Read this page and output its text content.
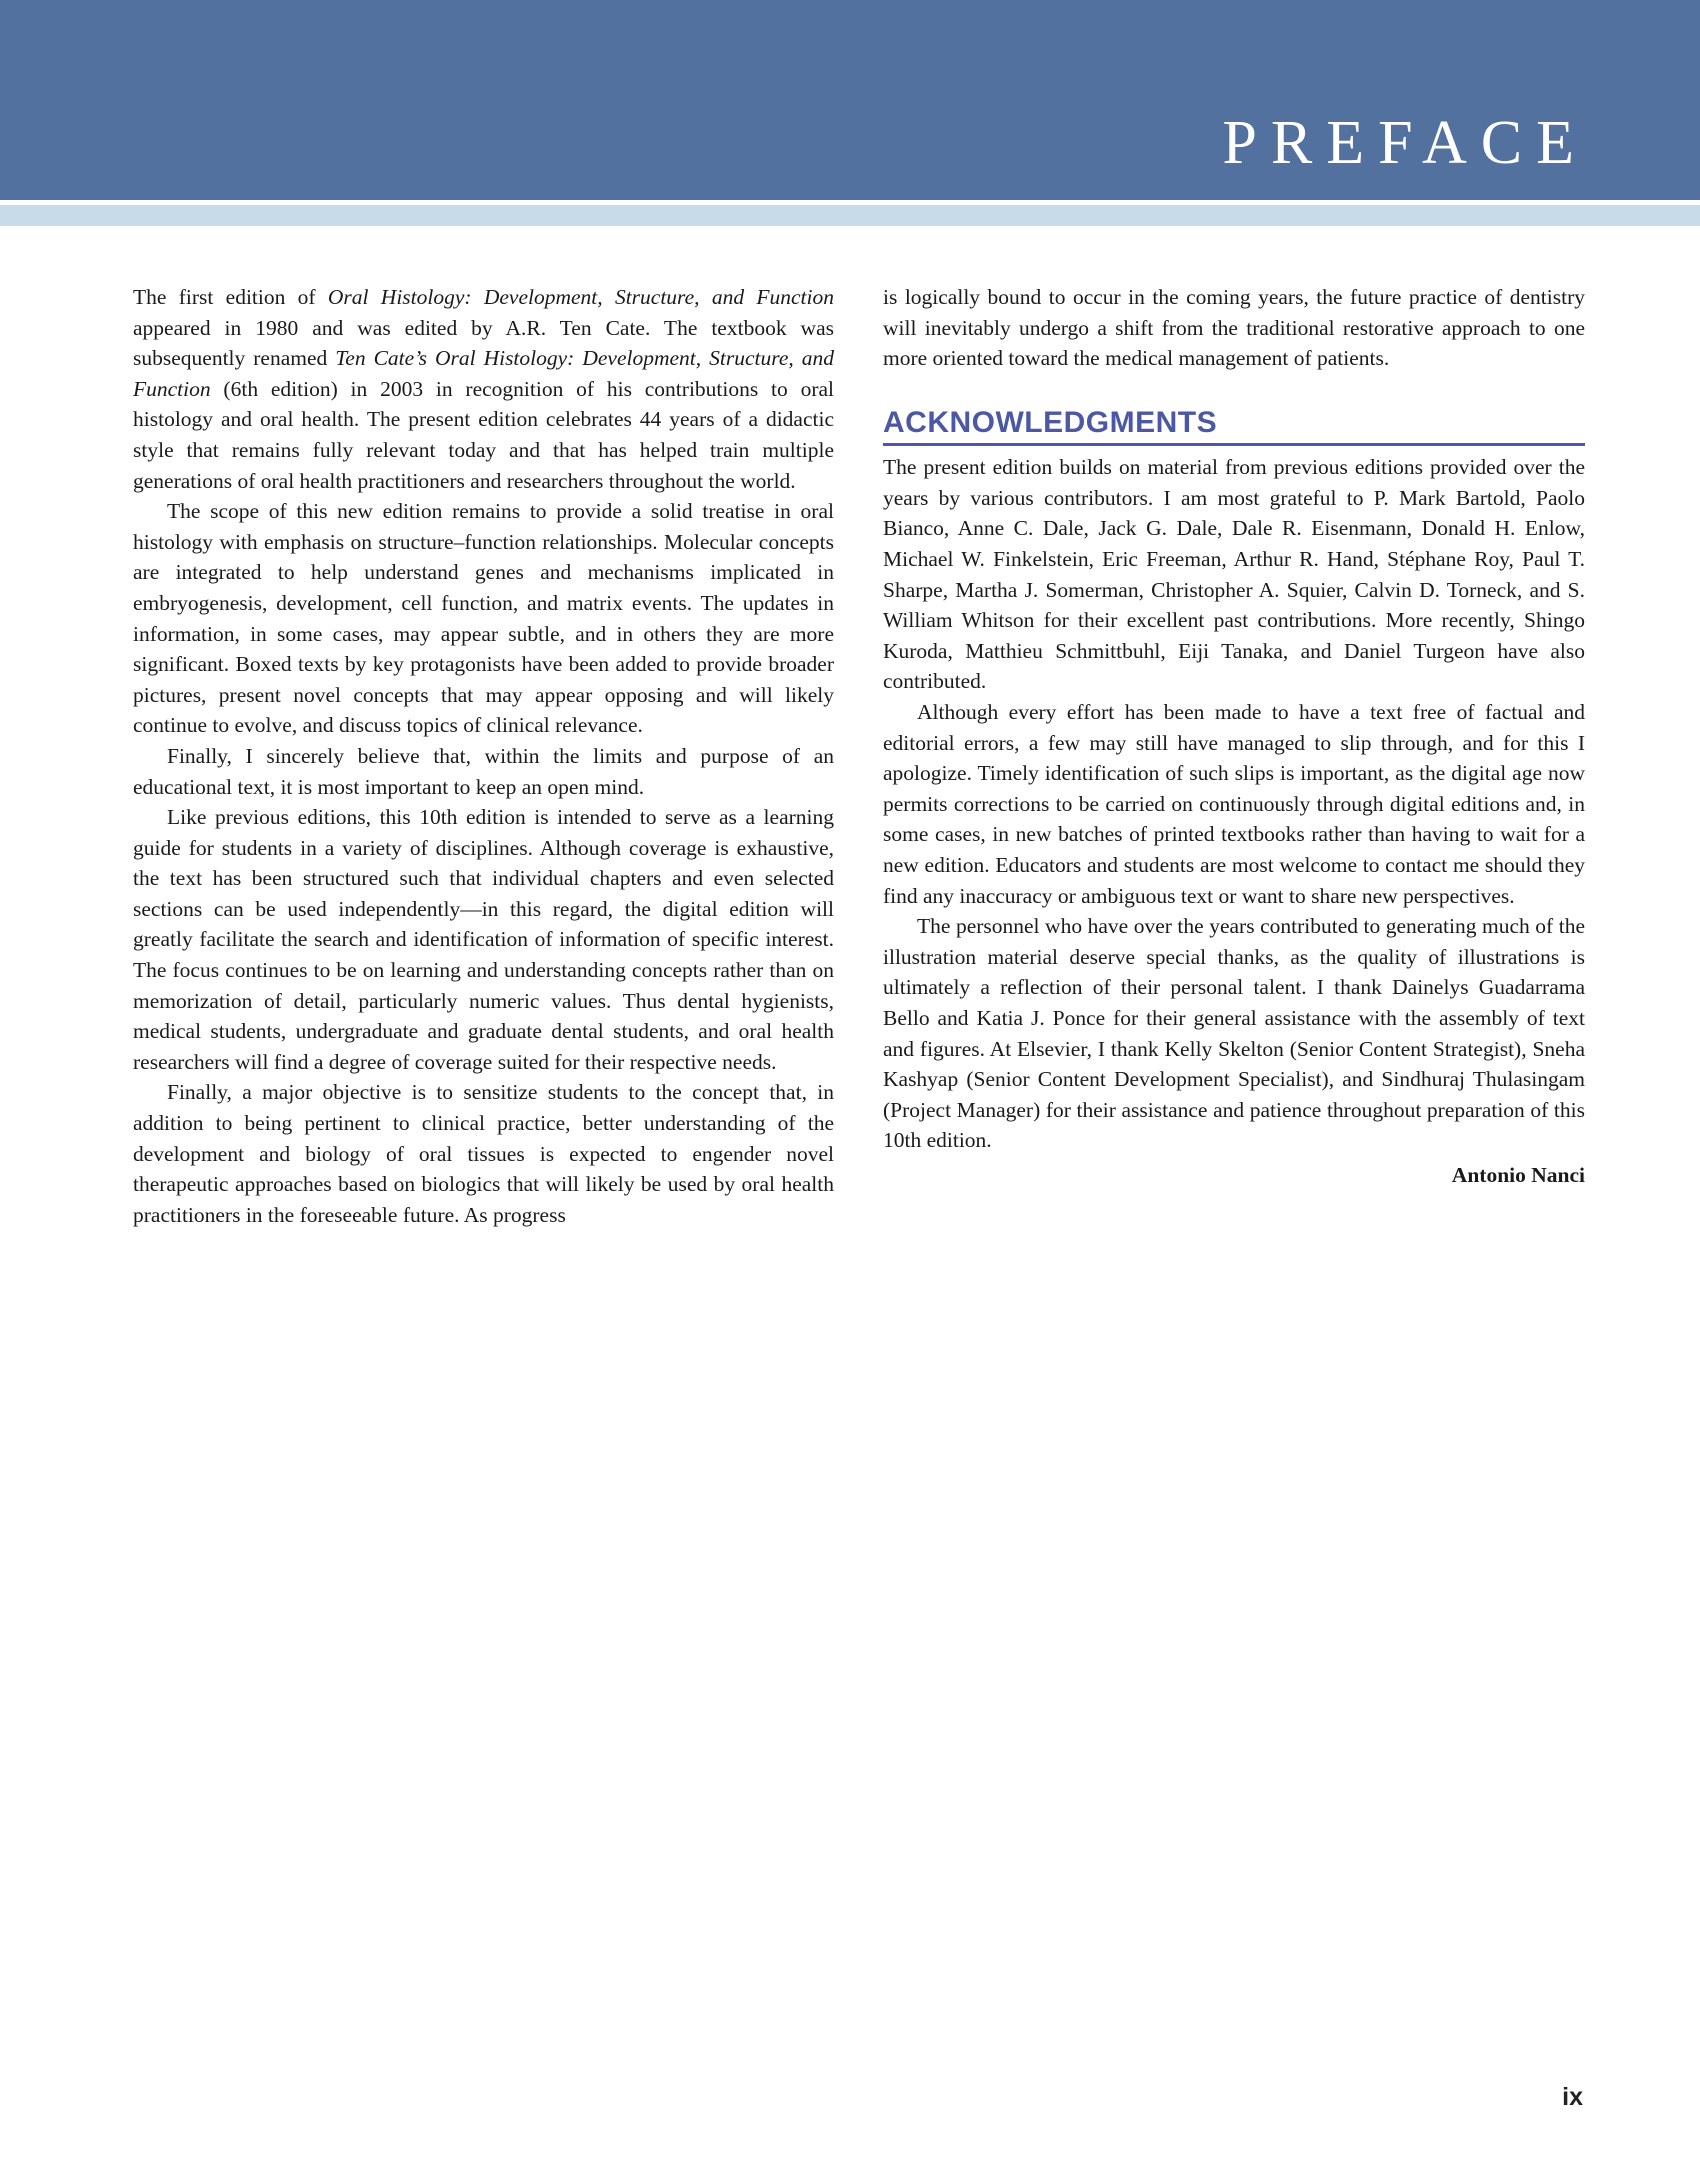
PREFACE

The first edition of Oral Histology: Development, Structure, and Function appeared in 1980 and was edited by A.R. Ten Cate. The textbook was subsequently renamed Ten Cate’s Oral Histology: Development, Structure, and Function (6th edition) in 2003 in recognition of his contributions to oral histology and oral health. The present edition celebrates 44 years of a didactic style that remains fully relevant today and that has helped train multiple generations of oral health practitioners and researchers throughout the world.

The scope of this new edition remains to provide a solid treatise in oral histology with emphasis on structure–function relationships. Molecular concepts are integrated to help understand genes and mechanisms implicated in embryogenesis, development, cell function, and matrix events. The updates in information, in some cases, may appear subtle, and in others they are more significant. Boxed texts by key protagonists have been added to provide broader pictures, present novel concepts that may appear opposing and will likely continue to evolve, and discuss topics of clinical relevance.

Finally, I sincerely believe that, within the limits and purpose of an educational text, it is most important to keep an open mind.

Like previous editions, this 10th edition is intended to serve as a learning guide for students in a variety of disciplines. Although coverage is exhaustive, the text has been structured such that individual chapters and even selected sections can be used independently—in this regard, the digital edition will greatly facilitate the search and identification of information of specific interest. The focus continues to be on learning and understanding concepts rather than on memorization of detail, particularly numeric values. Thus dental hygienists, medical students, undergraduate and graduate dental students, and oral health researchers will find a degree of coverage suited for their respective needs.

Finally, a major objective is to sensitize students to the concept that, in addition to being pertinent to clinical practice, better understanding of the development and biology of oral tissues is expected to engender novel therapeutic approaches based on biologics that will likely be used by oral health practitioners in the foreseeable future. As progress

is logically bound to occur in the coming years, the future practice of dentistry will inevitably undergo a shift from the traditional restorative approach to one more oriented toward the medical management of patients.

ACKNOWLEDGMENTS

The present edition builds on material from previous editions provided over the years by various contributors. I am most grateful to P. Mark Bartold, Paolo Bianco, Anne C. Dale, Jack G. Dale, Dale R. Eisenmann, Donald H. Enlow, Michael W. Finkelstein, Eric Freeman, Arthur R. Hand, Stéphane Roy, Paul T. Sharpe, Martha J. Somerman, Christopher A. Squier, Calvin D. Torneck, and S. William Whitson for their excellent past contributions. More recently, Shingo Kuroda, Matthieu Schmittbuhl, Eiji Tanaka, and Daniel Turgeon have also contributed.

Although every effort has been made to have a text free of factual and editorial errors, a few may still have managed to slip through, and for this I apologize. Timely identification of such slips is important, as the digital age now permits corrections to be carried on continuously through digital editions and, in some cases, in new batches of printed textbooks rather than having to wait for a new edition. Educators and students are most welcome to contact me should they find any inaccuracy or ambiguous text or want to share new perspectives.

The personnel who have over the years contributed to generating much of the illustration material deserve special thanks, as the quality of illustrations is ultimately a reflection of their personal talent. I thank Dainelys Guadarrama Bello and Katia J. Ponce for their general assistance with the assembly of text and figures. At Elsevier, I thank Kelly Skelton (Senior Content Strategist), Sneha Kashyap (Senior Content Development Specialist), and Sindhuraj Thulasingam (Project Manager) for their assistance and patience throughout preparation of this 10th edition.

Antonio Nanci
ix
